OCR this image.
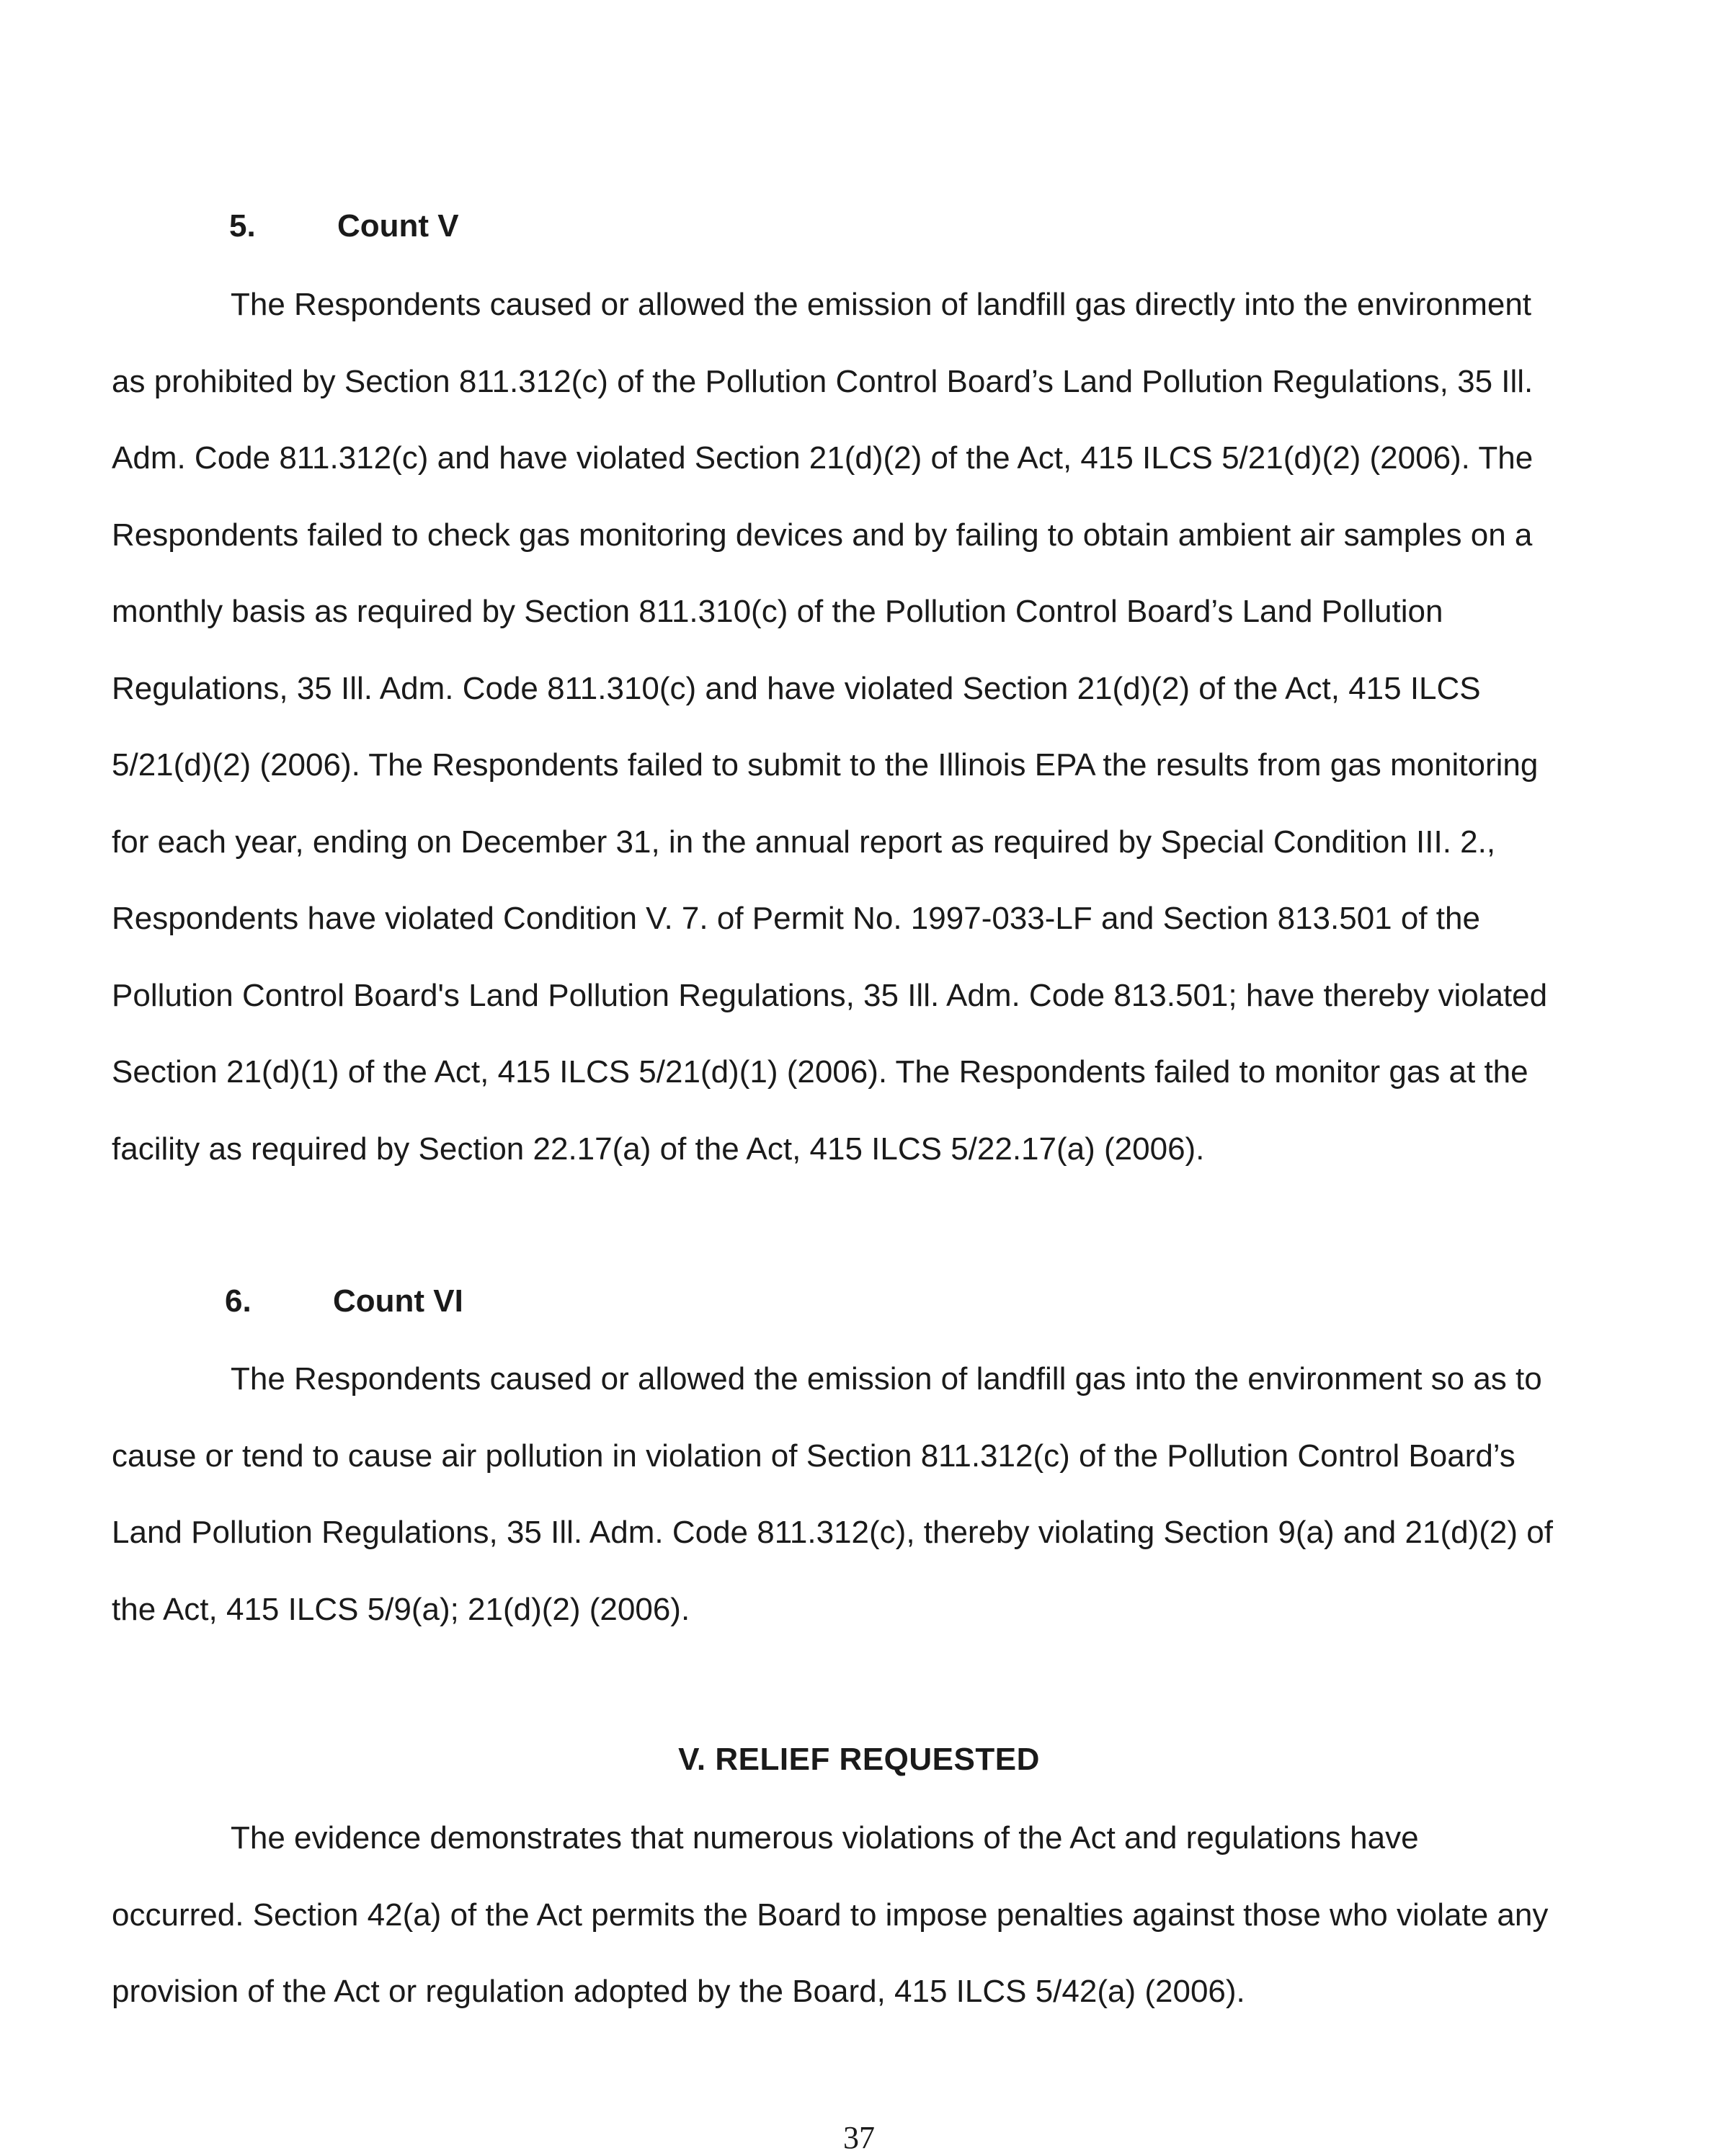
5.	Count V
The Respondents caused or allowed the emission of landfill gas directly into the environment as prohibited by Section 811.312(c) of the Pollution Control Board’s Land Pollution Regulations, 35 Ill. Adm. Code 811.312(c) and have violated Section 21(d)(2) of the Act, 415 ILCS 5/21(d)(2) (2006). The Respondents failed to check gas monitoring devices and by failing to obtain ambient air samples on a monthly basis as required by Section 811.310(c) of the Pollution Control Board’s Land Pollution Regulations, 35 Ill. Adm. Code 811.310(c) and have violated Section 21(d)(2) of the Act, 415 ILCS 5/21(d)(2) (2006). The Respondents failed to submit to the Illinois EPA the results from gas monitoring for each year, ending on December 31, in the annual report as required by Special Condition III. 2., Respondents have violated Condition V. 7. of Permit No. 1997-033-LF and Section 813.501 of the Pollution Control Board's Land Pollution Regulations, 35 Ill. Adm. Code 813.501; have thereby violated Section 21(d)(1) of the Act, 415 ILCS 5/21(d)(1) (2006). The Respondents failed to monitor gas at the facility as required by Section 22.17(a) of the Act, 415 ILCS 5/22.17(a) (2006).
6.	Count VI
The Respondents caused or allowed the emission of landfill gas into the environment so as to cause or tend to cause air pollution in violation of Section 811.312(c) of the Pollution Control Board’s Land Pollution Regulations, 35 Ill. Adm. Code 811.312(c), thereby violating Section 9(a) and 21(d)(2) of the Act, 415 ILCS 5/9(a); 21(d)(2) (2006).
V. RELIEF REQUESTED
The evidence demonstrates that numerous violations of the Act and regulations have occurred. Section 42(a) of the Act permits the Board to impose penalties against those who violate any provision of the Act or regulation adopted by the Board, 415 ILCS 5/42(a) (2006).
37
